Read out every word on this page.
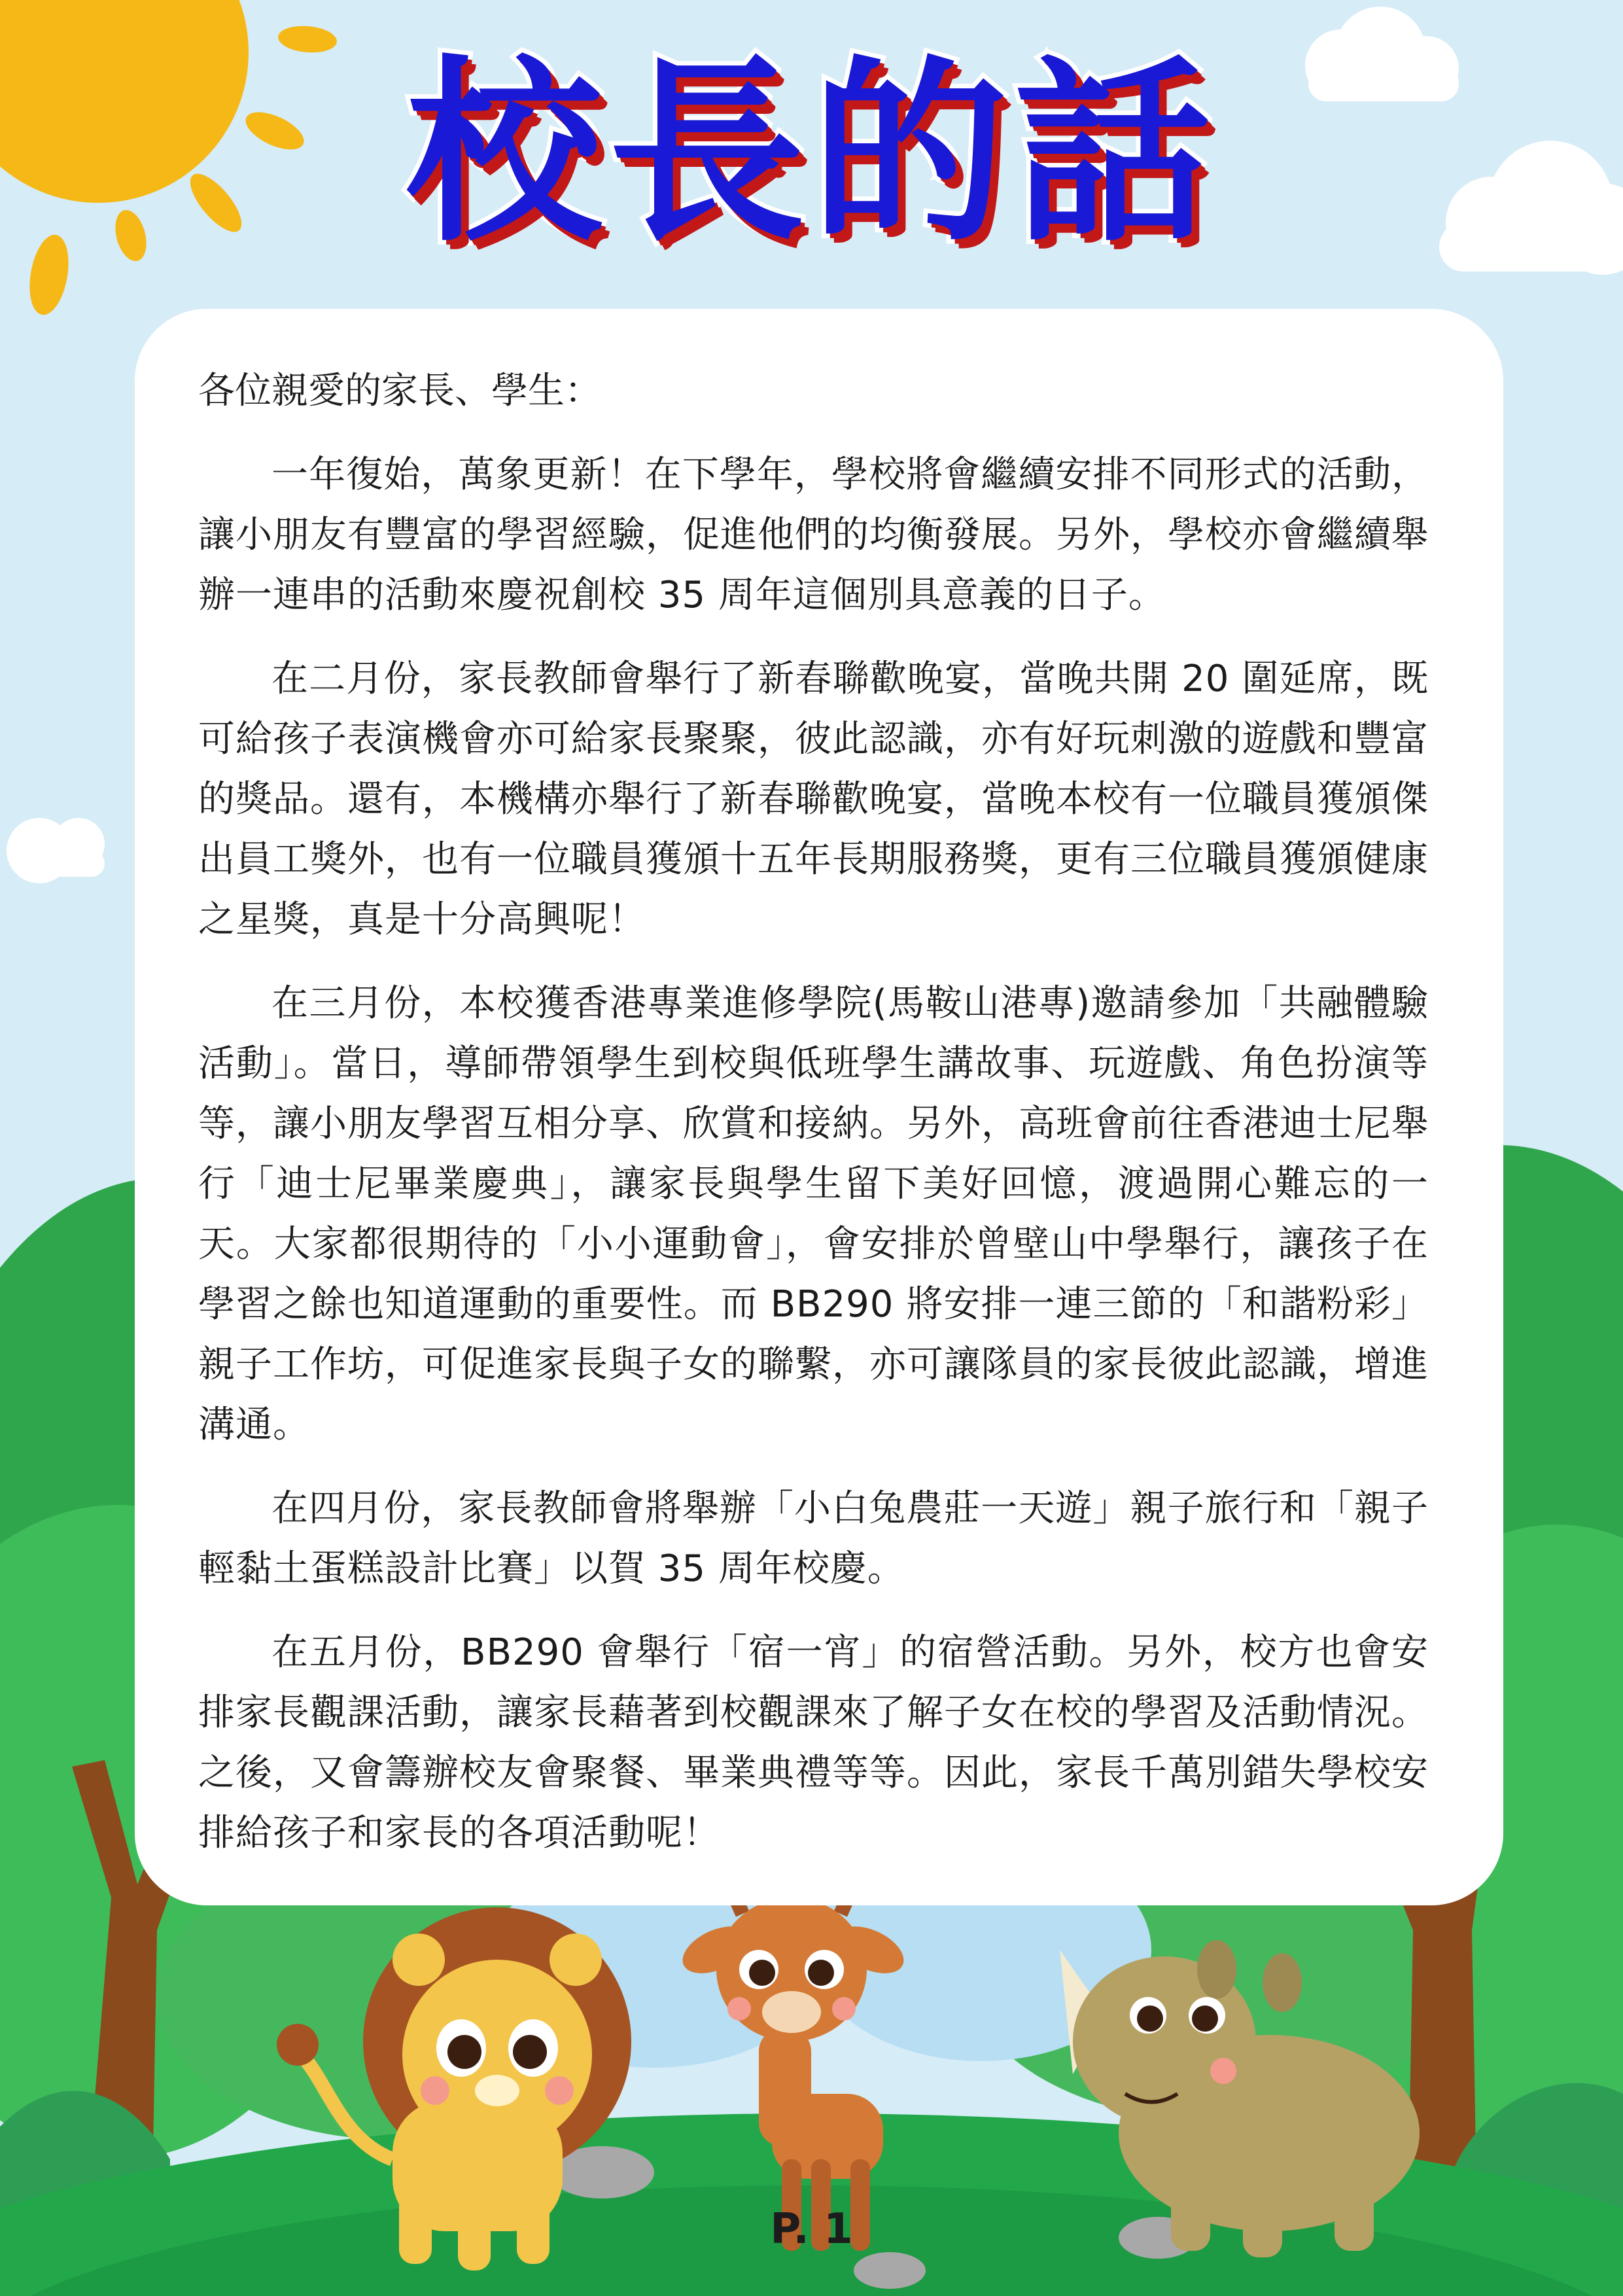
校長的話

各位親愛的家長、學生：

一年復始，萬象更新！在下學年，學校將會繼續安排不同形式的活動，讓小朋友有豐富的學習經驗，促進他們的均衡發展。另外，學校亦會繼續舉辦一連串的活動來慶祝創校 35 周年這個別具意義的日子。

在二月份，家長教師會舉行了新春聯歡晚宴，當晚共開 20 圍延席，既可給孩子表演機會亦可給家長聚聚，彼此認識，亦有好玩刺激的遊戲和豐富的獎品。還有，本機構亦舉行了新春聯歡晚宴，當晚本校有一位職員獲頒傑出員工獎外，也有一位職員獲頒十五年長期服務獎，更有三位職員獲頒健康之星獎，真是十分高興呢！

在三月份，本校獲香港專業進修學院(馬鞍山港專)邀請參加「共融體驗活動」。當日，導師帶領學生到校與低班學生講故事、玩遊戲、角色扮演等等，讓小朋友學習互相分享、欣賞和接納。另外，高班會前往香港迪士尼舉行「迪士尼畢業慶典」，讓家長與學生留下美好回憶，渡過開心難忘的一天。大家都很期待的「小小運動會」，會安排於曾壁山中學舉行，讓孩子在學習之餘也知道運動的重要性。而 BB290 將安排一連三節的「和諧粉彩」親子工作坊，可促進家長與子女的聯繫，亦可讓隊員的家長彼此認識，增進溝通。

在四月份，家長教師會將舉辦「小白兔農莊一天遊」親子旅行和「親子輕黏土蛋糕設計比賽」以賀 35 周年校慶。

在五月份，BB290 會舉行「宿一宵」的宿營活動。另外，校方也會安排家長觀課活動，讓家長藉著到校觀課來了解子女在校的學習及活動情況。之後，又會籌辦校友會聚餐、畢業典禮等等。因此，家長千萬別錯失學校安排給孩子和家長的各項活動呢！

P. 1
